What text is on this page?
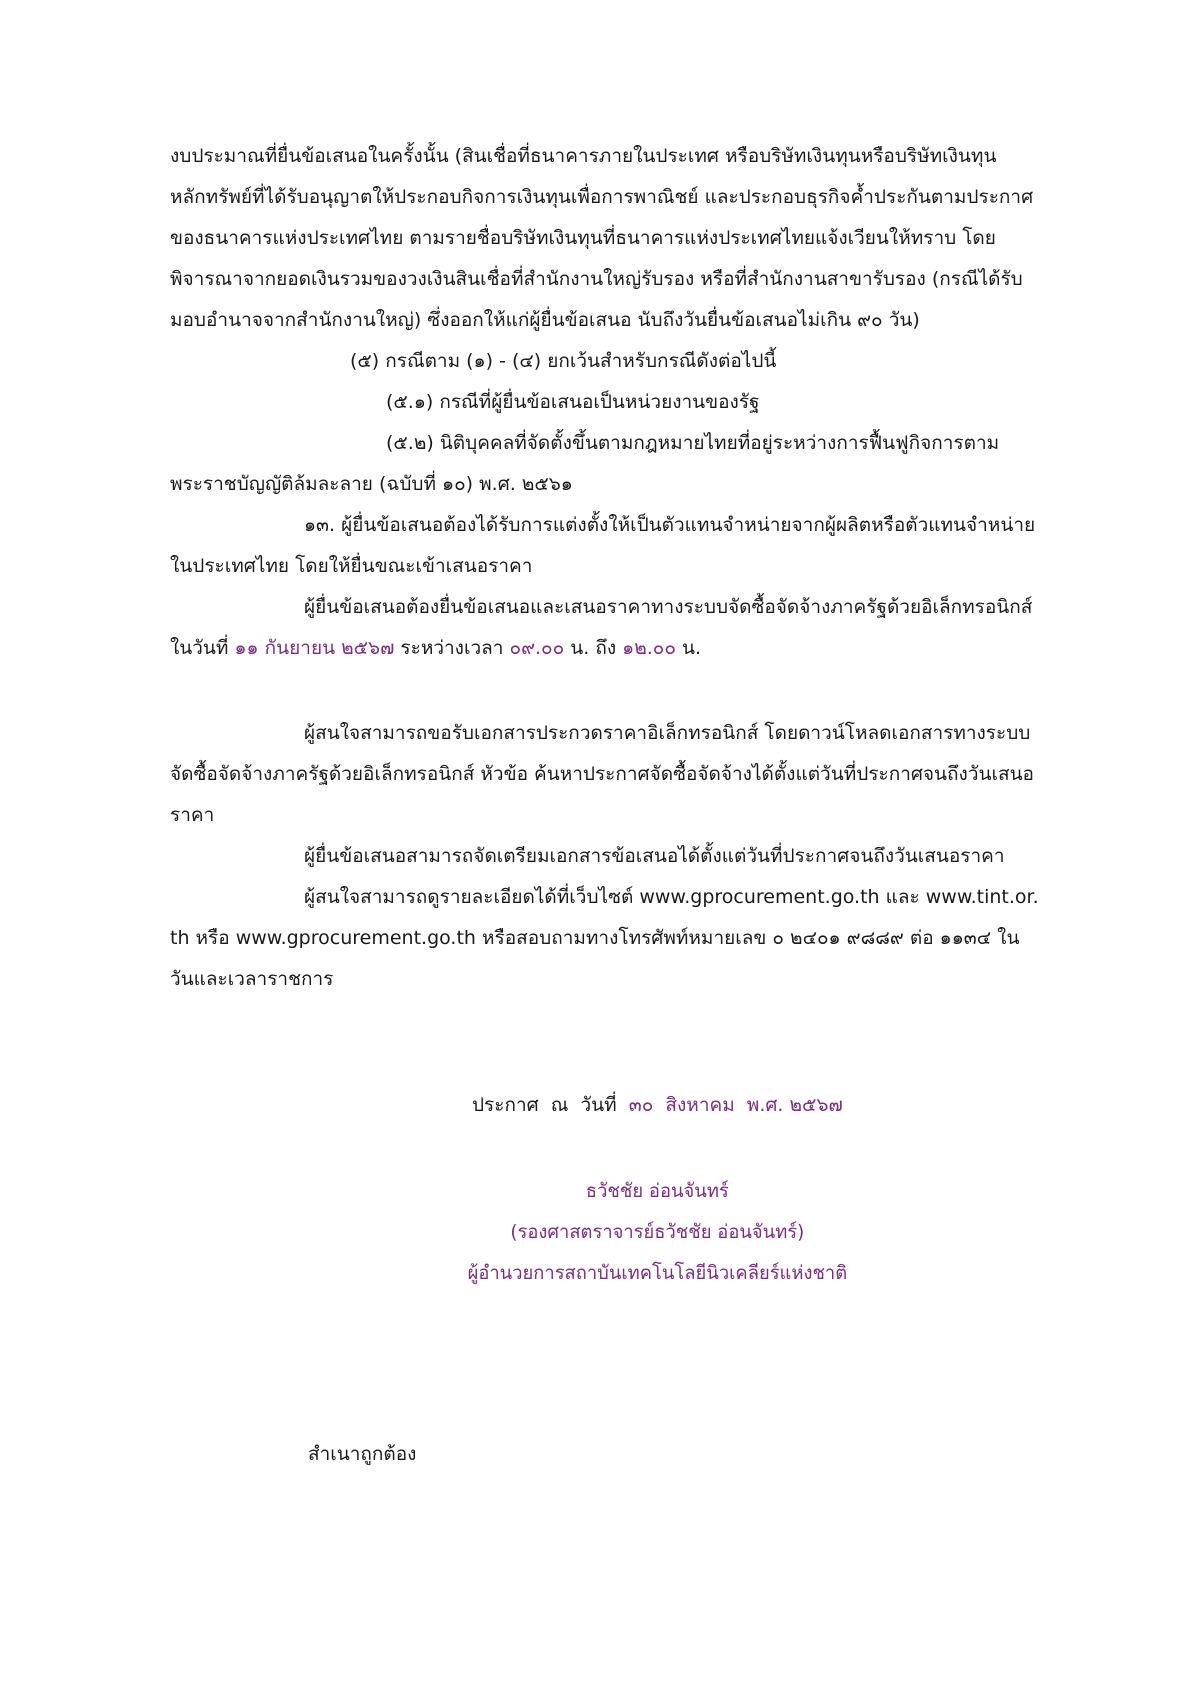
งบประมาณที่ยื่นข้อเสนอในครั้งนั้น (สินเชื่อที่ธนาคารภายในประเทศ หรือบริษัทเงินทุนหรือบริษัทเงินทุน
หลักทรัพย์ที่ได้รับอนุญาตให้ประกอบกิจการเงินทุนเพื่อการพาณิชย์ และประกอบธุรกิจค้ำประกันตามประกาศ
ของธนาคารแห่งประเทศไทย ตามรายชื่อบริษัทเงินทุนที่ธนาคารแห่งประเทศไทยแจ้งเวียนให้ทราบ โดย
พิจารณาจากยอดเงินรวมของวงเงินสินเชื่อที่สำนักงานใหญ่รับรอง หรือที่สำนักงานสาขารับรอง (กรณีได้รับ
มอบอำนาจจากสำนักงานใหญ่) ซึ่งออกให้แก่ผู้ยื่นข้อเสนอ นับถึงวันยื่นข้อเสนอไม่เกิน ๙๐ วัน)
(๕) กรณีตาม (๑) - (๔) ยกเว้นสำหรับกรณีดังต่อไปนี้
(๕.๑) กรณีที่ผู้ยื่นข้อเสนอเป็นหน่วยงานของรัฐ
(๕.๒) นิติบุคคลที่จัดตั้งขึ้นตามกฎหมายไทยที่อยู่ระหว่างการฟื้นฟูกิจการตาม
พระราชบัญญัติล้มละลาย (ฉบับที่ ๑๐) พ.ศ. ๒๕๖๑
๑๓. ผู้ยื่นข้อเสนอต้องได้รับการแต่งตั้งให้เป็นตัวแทนจำหน่ายจากผู้ผลิตหรือตัวแทนจำหน่าย
ในประเทศไทย โดยให้ยื่นขณะเข้าเสนอราคา
ผู้ยื่นข้อเสนอต้องยื่นข้อเสนอและเสนอราคาทางระบบจัดซื้อจัดจ้างภาครัฐด้วยอิเล็กทรอนิกส์
ในวันที่ ๑๑ กันยายน ๒๕๖๗ ระหว่างเวลา ๐๙.๐๐ น. ถึง ๑๒.๐๐ น.
ผู้สนใจสามารถขอรับเอกสารประกวดราคาอิเล็กทรอนิกส์ โดยดาวน์โหลดเอกสารทางระบบ
จัดซื้อจัดจ้างภาครัฐด้วยอิเล็กทรอนิกส์ หัวข้อ ค้นหาประกาศจัดซื้อจัดจ้างได้ตั้งแต่วันที่ประกาศจนถึงวันเสนอ
ราคา
ผู้ยื่นข้อเสนอสามารถจัดเตรียมเอกสารข้อเสนอได้ตั้งแต่วันที่ประกาศจนถึงวันเสนอราคา
ผู้สนใจสามารถดูรายละเอียดได้ที่เว็บไซต์ www.gprocurement.go.th และ www.tint.or.
th หรือ www.gprocurement.go.th หรือสอบถามทางโทรศัพท์หมายเลข ๐ ๒๔๐๑ ๙๘๘๙ ต่อ ๑๑๓๔ ใน
วันและเวลาราชการ
ประกาศ  ณ  วันที่  ๓๐  สิงหาคม  พ.ศ. ๒๕๖๗
ธวัชชัย อ่อนจันทร์
(รองศาสตราจารย์ธวัชชัย อ่อนจันทร์)
ผู้อำนวยการสถาบันเทคโนโลยีนิวเคลียร์แห่งชาติ
สำเนาถูกต้อง
